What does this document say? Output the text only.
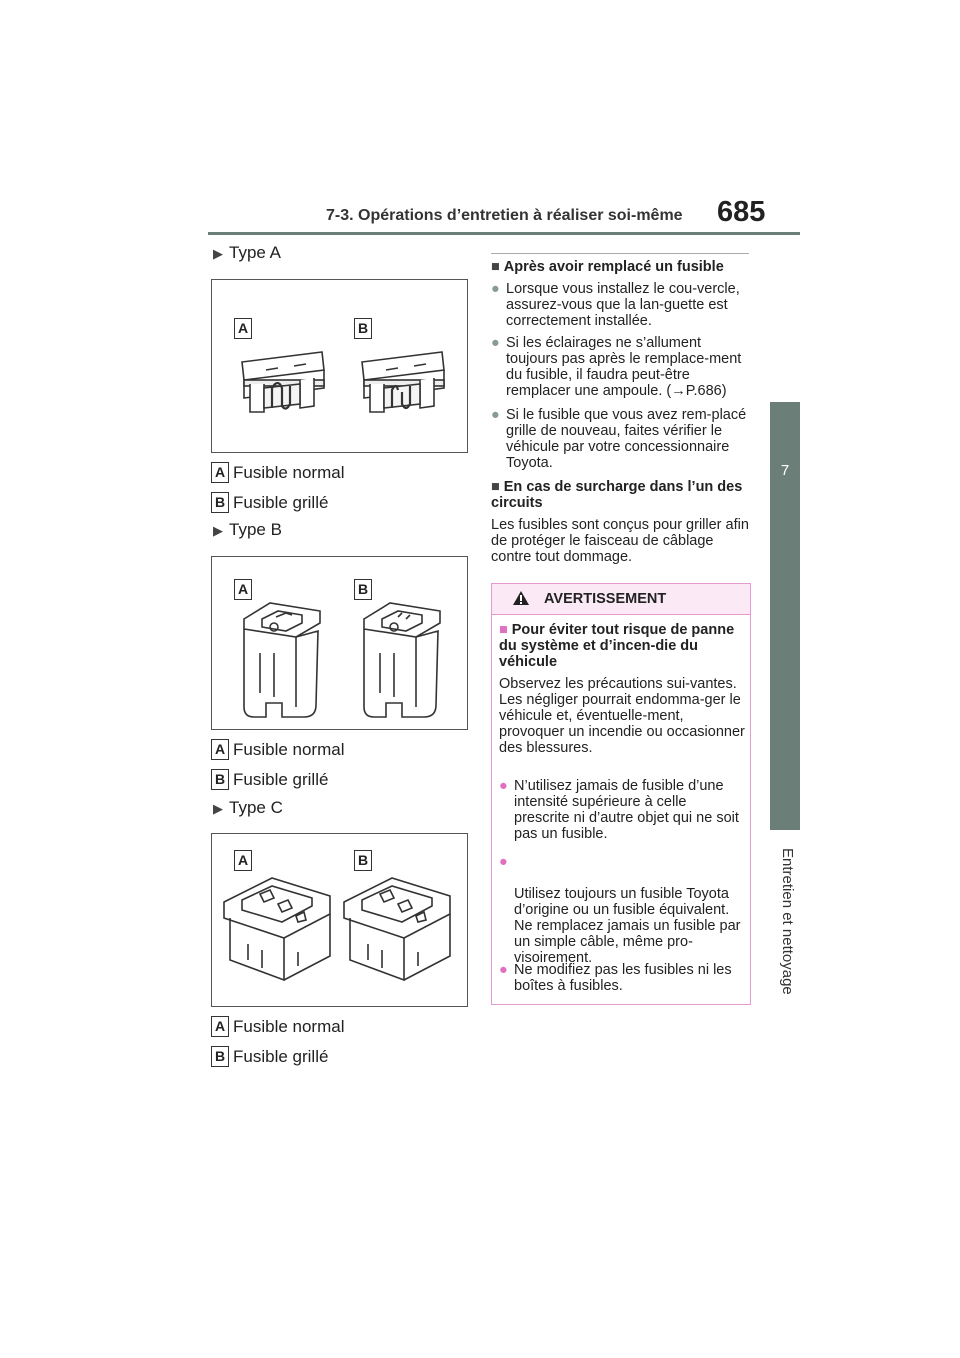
7-3. Opérations d’entretien à réaliser soi-même 685
7
Entretien et nettoyage
▶ Type A
A	B
A Fusible normal
B Fusible grillé
▶ Type B
A	B
A Fusible normal
B Fusible grillé
▶ Type C
A	B
A Fusible normal
B Fusible grillé
■ Après avoir remplacé un fusible
● Lorsque vous installez le cou-vercle, assurez-vous que la lan-guette est correctement installée.
● Si les éclairages ne s’allument toujours pas après le remplace-ment du fusible, il faudra peut-être remplacer une ampoule. (→P.686)
● Si le fusible que vous avez rem-placé grille de nouveau, faites vérifier le véhicule par votre concessionnaire Toyota.
■ En cas de surcharge dans l’un des circuits
Les fusibles sont conçus pour griller afin de protéger le faisceau de câblage contre tout dommage.
AVERTISSEMENT
■ Pour éviter tout risque de panne du système et d’incen-die du véhicule
Observez les précautions sui-vantes.
Les négliger pourrait endomma-ger le véhicule et, éventuelle-ment, provoquer un incendie ou occasionner des blessures.
● N’utilisez jamais de fusible d’une intensité supérieure à celle prescrite ni d’autre objet qui ne soit pas un fusible.

●

Utilisez toujours un fusible Toyota d’origine ou un fusible équivalent.
Ne remplacez jamais un fusible par un simple câble, même pro-visoirement.

● Ne modifiez pas les fusibles ni les boîtes à fusibles.
